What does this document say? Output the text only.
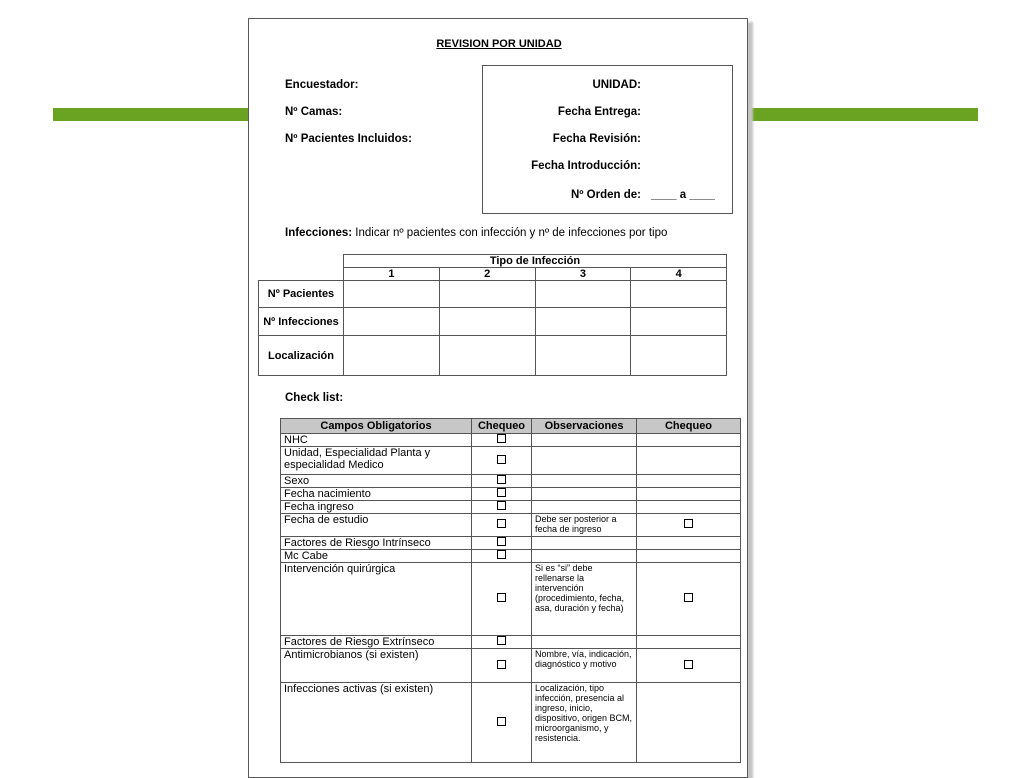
REVISION POR UNIDAD
Encuestador:
Nº Camas:
Nº Pacientes Incluidos:
UNIDAD:
Fecha Entrega:
Fecha Revisión:
Fecha Introducción:
Nº Orden de: ____ a ____
Infecciones: Indicar nº pacientes con infección y nº de infecciones por tipo
	Tipo de Infección			
	1	2	3	4
Nº Pacientes				
Nº Infecciones				
Localización				
Check list:
Campos Obligatorios	Chequeo	Observaciones	Chequeo
NHC			
Unidad, Especialidad Planta y especialidad Medico			
Sexo			
Fecha nacimiento			
Fecha ingreso			
Fecha de estudio		Debe ser posterior a fecha de ingreso	
Factores de Riesgo Intrínseco			
Mc Cabe			
Intervención quirúrgica		Si es “si” debe rellenarse la intervención (procedimiento, fecha, asa, duración y fecha)	
Factores de Riesgo Extrínseco			
Antimicrobianos (si existen)		Nombre, vía, indicación, diagnóstico y motivo	
Infecciones activas (si existen)		Localización, tipo infección, presencia al ingreso, inicio, dispositivo, origen BCM, microorganismo, y resistencia.	
